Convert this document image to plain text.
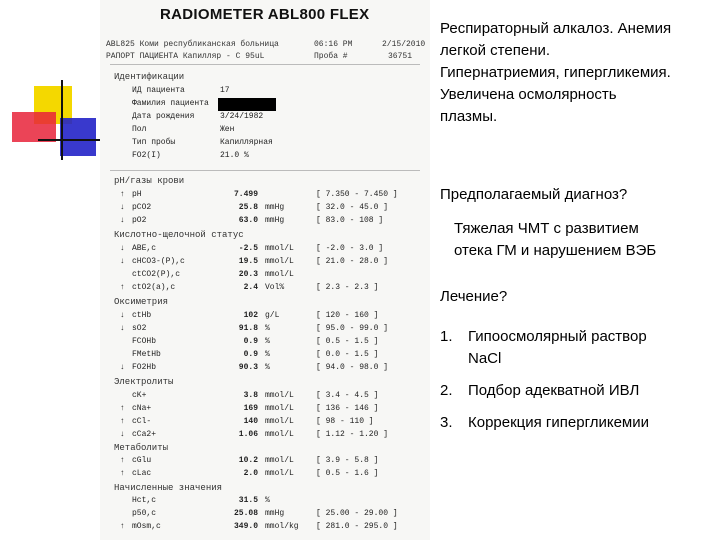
RADIOMETER ABL800 FLEX
ABL825 Коми республиканская больница	06:16 PM	2/15/2010
РАПОРТ ПАЦИЕНТА Капилляр - С 95uL	Проба #	36751
Идентификации
ИД пациента	17
Фамилия пациента
Дата рождения	3/24/1982
Пол	Жен
Тип пробы	Капиллярная
FO2(I)	21.0 %
pH/газы крови
↑ pH	7.499	[ 7.350 - 7.450 ]
↓ pCO2	25.8 mmHg	[ 32.0 - 45.0 ]
↓ pO2	63.0 mmHg	[ 83.0 - 108 ]
Кислотно-щелочной статус
↓ ABE,c	-2.5 mmol/L	[ -2.0 - 3.0 ]
↓ cHCO3-(P),c	19.5 mmol/L	[ 21.0 - 28.0 ]
ctCO2(P),c	20.3 mmol/L
↑ ctO2(a),c	2.4 Vol%	[ 2.3 - 2.3 ]
Оксиметрия
↓ ctHb	102 g/L	[ 120 - 160 ]
↓ sO2	91.8 %	[ 95.0 - 99.0 ]
FCOHb	0.9 %	[ 0.5 - 1.5 ]
FMetHb	0.9 %	[ 0.0 - 1.5 ]
↓ FO2Hb	90.3 %	[ 94.0 - 98.0 ]
Электролиты
cK+	3.8 mmol/L	[ 3.4 - 4.5 ]
↑ cNa+	169 mmol/L	[ 136 - 146 ]
↑ cCl-	140 mmol/L	[ 98 - 110 ]
↓ cCa2+	1.06 mmol/L	[ 1.12 - 1.20 ]
Метаболиты
↑ cGlu	10.2 mmol/L	[ 3.9 - 5.8 ]
↑ cLac	2.0 mmol/L	[ 0.5 - 1.6 ]
Начисленные значения
Hct,c	31.5 %
p50,c	25.08 mmHg	[ 25.00 - 29.00 ]
↑ mOsm,c	349.0 mmol/kg [ 281.0 - 295.0 ]
Респираторный алкалоз. Анемия
легкой степени.
Гипернатриемия, гипергликемия.
Увеличена осмолярность
плазмы.
Предполагаемый диагноз?
Тяжелая ЧМТ с развитием
отека ГМ и нарушением ВЭБ
Лечение?
1. Гипоосмолярный раствор
NaCl
2. Подбор адекватной ИВЛ
3. Коррекция гипергликемии
